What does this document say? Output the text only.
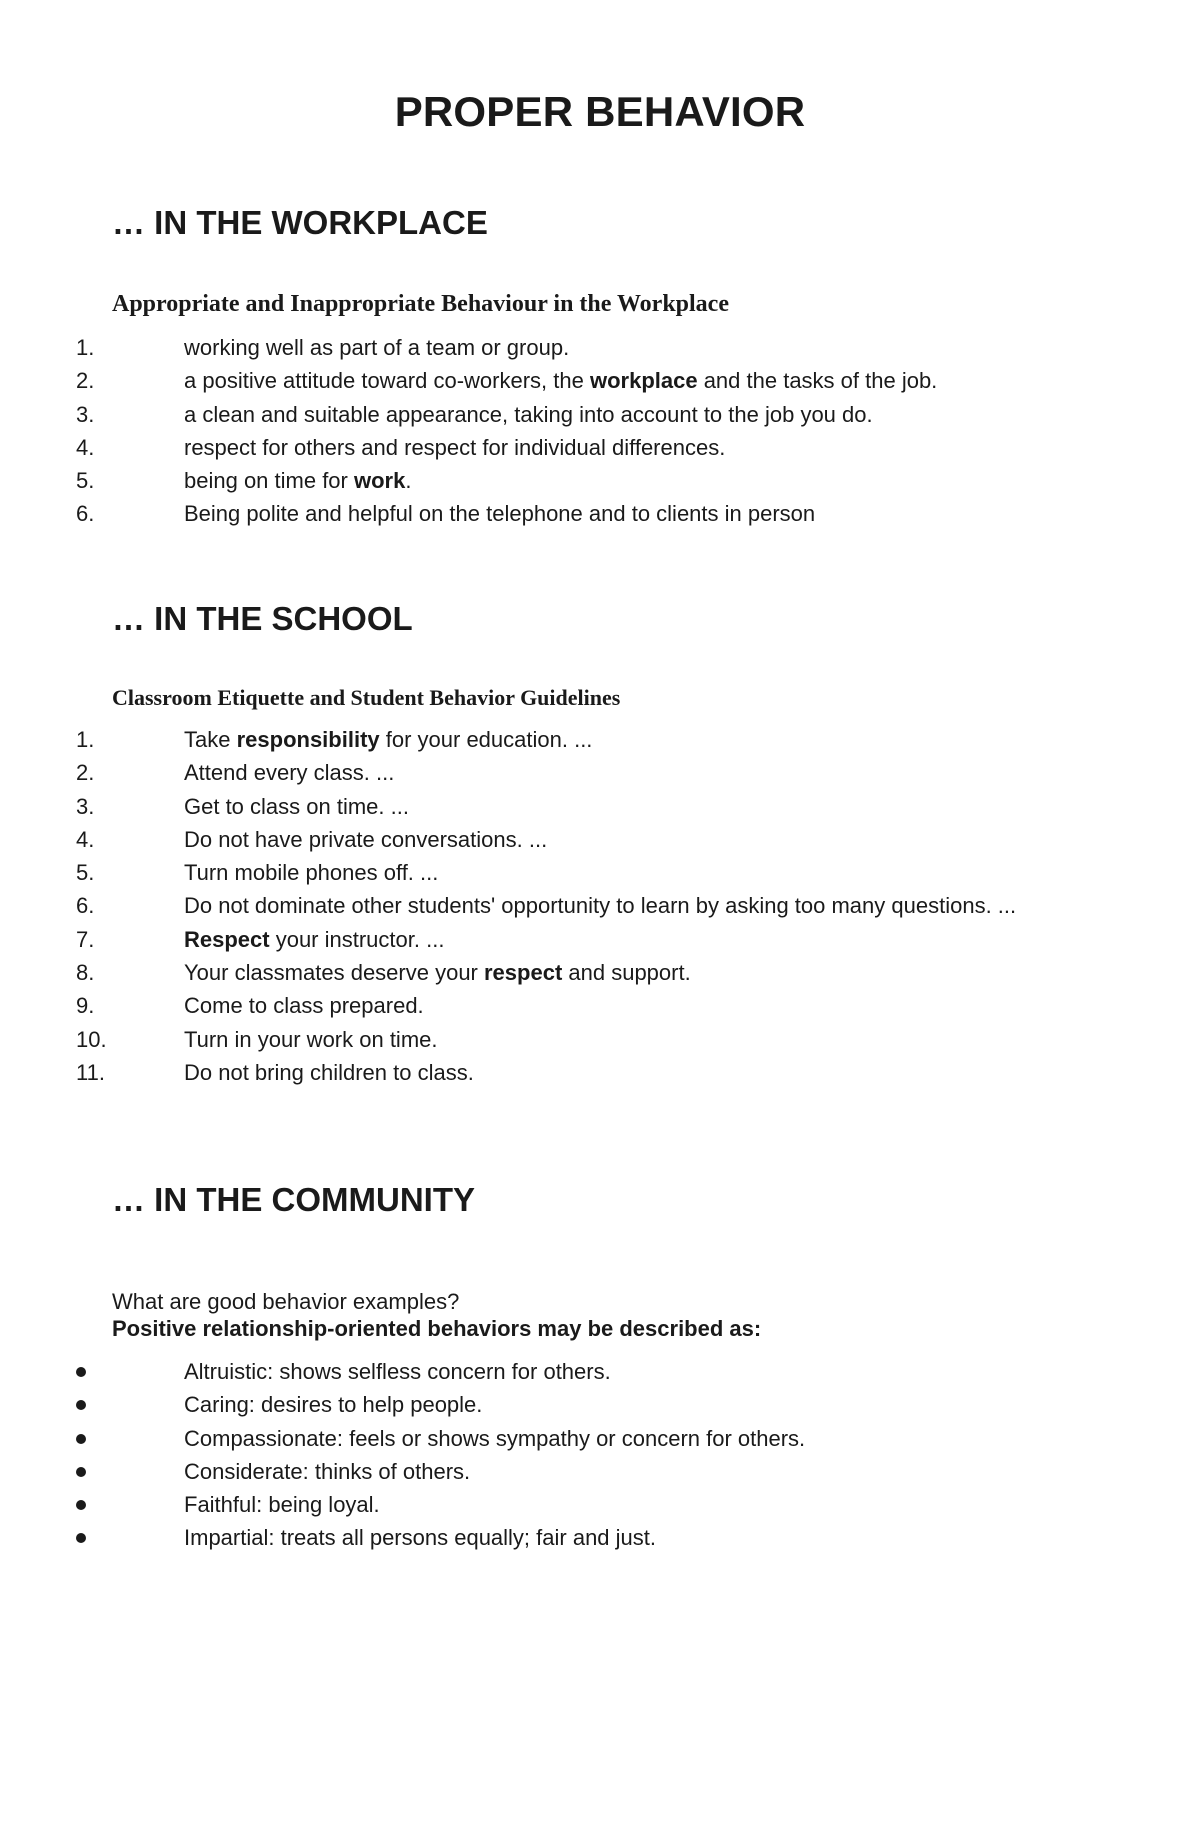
PROPER BEHAVIOR
… IN THE WORKPLACE
Appropriate and Inappropriate Behaviour in the Workplace
1.	working well as part of a team or group.
2.	a positive attitude toward co-workers, the workplace and the tasks of the job.
3.	a clean and suitable appearance, taking into account to the job you do.
4.	respect for others and respect for individual differences.
5.	being on time for work.
6.	Being polite and helpful on the telephone and to clients in person
… IN THE SCHOOL
Classroom Etiquette and Student Behavior Guidelines
1.	Take responsibility for your education. ...
2.	Attend every class. ...
3.	Get to class on time. ...
4.	Do not have private conversations. ...
5.	Turn mobile phones off. ...
6.	Do not dominate other students' opportunity to learn by asking too many questions. ...
7.	Respect your instructor. ...
8.	Your classmates deserve your respect and support.
9.	Come to class prepared.
10.	Turn in your work on time.
11.	Do not bring children to class.
… IN THE COMMUNITY
What are good behavior examples?
Positive relationship-oriented behaviors may be described as:
Altruistic: shows selfless concern for others.
Caring: desires to help people.
Compassionate: feels or shows sympathy or concern for others.
Considerate: thinks of others.
Faithful: being loyal.
Impartial: treats all persons equally; fair and just.
